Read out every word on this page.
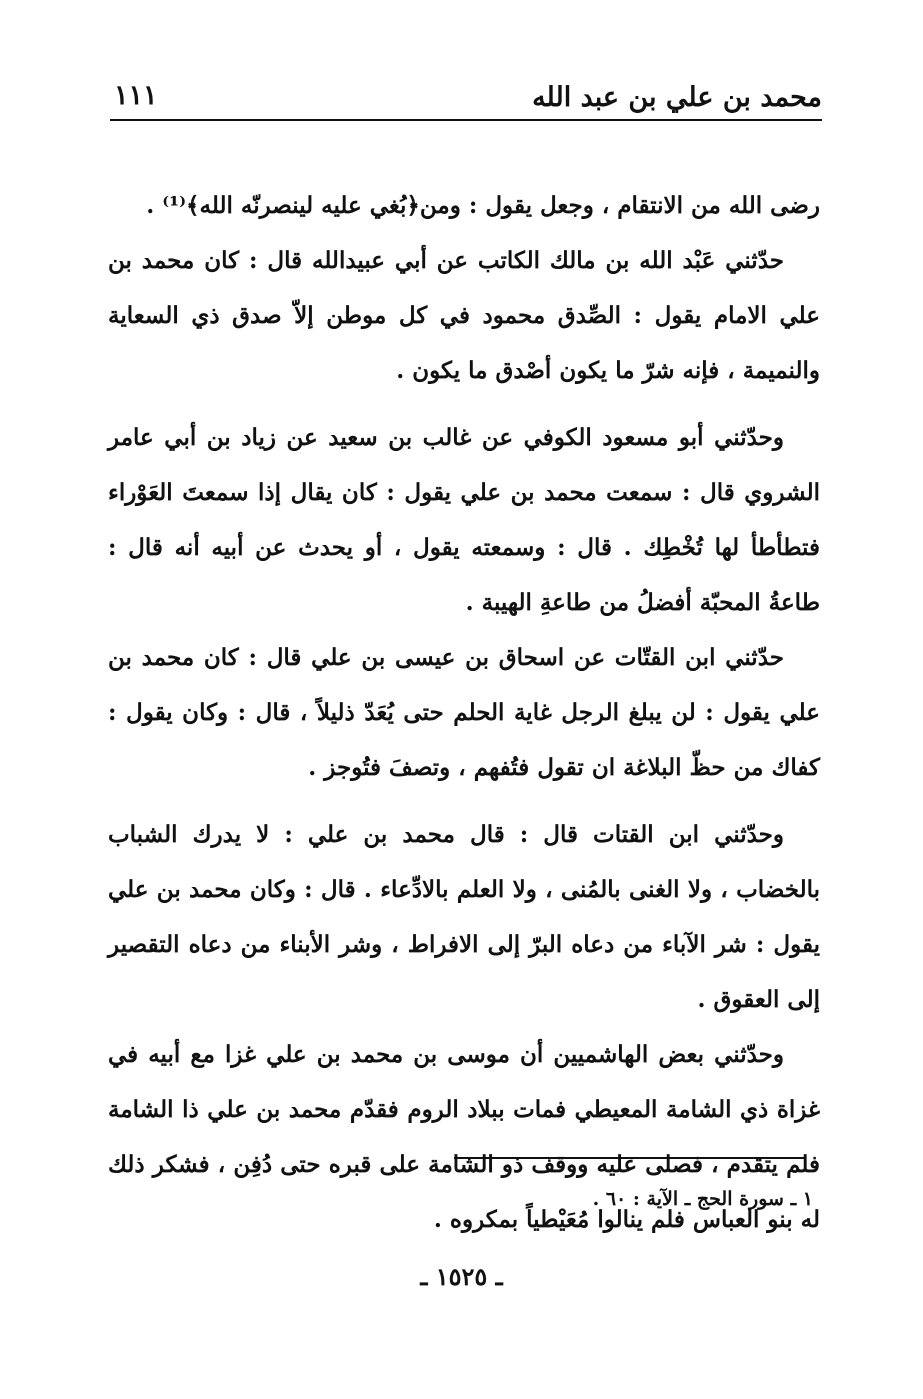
محمد بن علي بن عبد الله
١١١

رضى الله من الانتقام ، وجعل يقول : ومن﴿بُغي عليه لينصرنّه الله﴾⁽¹⁾ .

حدّثني عَبْد الله بن مالك الكاتب عن أبي عبيدالله قال : كان محمد بن علي الامام يقول : الصِّدق محمود في كل موطن إلاّ صدق ذي السعاية والنميمة ، فإنه شرّ ما يكون أصْدق ما يكون .

وحدّثني أبو مسعود الكوفي عن غالب بن سعيد عن زياد بن أبي عامر الشروي قال : سمعت محمد بن علي يقول : كان يقال إذا سمعتَ العَوْراء فتطأطأ لها تُخْطِك . قال : وسمعته يقول ، أو يحدث عن أبيه أنه قال : طاعةُ المحبّة أفضلُ من طاعةِ الهيبة .

حدّثني ابن القتّات عن اسحاق بن عيسى بن علي قال : كان محمد بن علي يقول : لن يبلغ الرجل غاية الحلم حتى يُعَدّ ذليلاً ، قال : وكان يقول : كفاك من حظّ البلاغة ان تقول فتُفهم ، وتصفَ فتُوجز .

وحدّثني ابن القتات قال : قال محمد بن علي : لا يدرك الشباب بالخضاب ، ولا الغنى بالمُنى ، ولا العلم بالادِّعاء . قال : وكان محمد بن علي يقول : شر الآباء من دعاه البرّ إلى الافراط ، وشر الأبناء من دعاه التقصير إلى العقوق .

وحدّثني بعض الهاشميين أن موسى بن محمد بن علي غزا مع أبيه في غزاة ذي الشامة المعيطي فمات ببلاد الروم فقدّم محمد بن علي ذا الشامة فلم يتقدم ، فصلى عليه ووقف ذو الشامة على قبره حتى دُفِن ، فشكر ذلك له بنو العباس فلم ينالوا مُعَيْطياً بمكروه .

١ ـ سورة الحج ـ الآية : ٦٠ .
ـ ١٥٢٥ ـ
